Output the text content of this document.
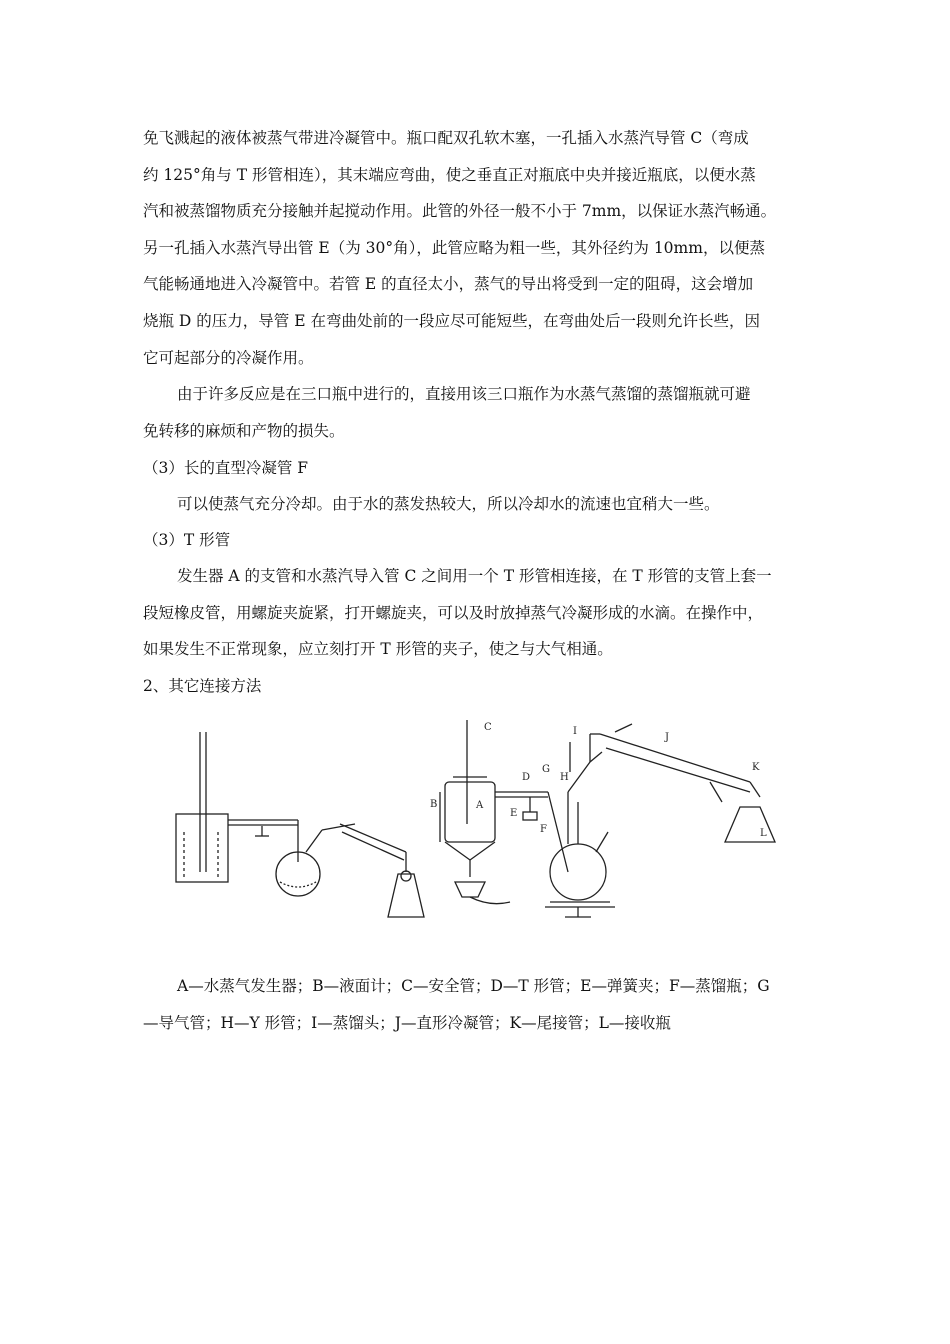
免飞溅起的液体被蒸气带进冷凝管中。瓶口配双孔软木塞，一孔插入水蒸汽导管 C（弯成
约 125°角与 T 形管相连），其末端应弯曲，使之垂直正对瓶底中央并接近瓶底，以便水蒸
汽和被蒸馏物质充分接触并起搅动作用。此管的外径一般不小于 7mm，以保证水蒸汽畅通。
另一孔插入水蒸汽导出管 E（为 30°角），此管应略为粗一些，其外径约为 10mm，以便蒸
气能畅通地进入冷凝管中。若管 E 的直径太小，蒸气的导出将受到一定的阻碍，这会增加
烧瓶 D 的压力，导管 E 在弯曲处前的一段应尽可能短些，在弯曲处后一段则允许长些，因
它可起部分的冷凝作用。
由于许多反应是在三口瓶中进行的，直接用该三口瓶作为水蒸气蒸馏的蒸馏瓶就可避
免转移的麻烦和产物的损失。
（3）长的直型冷凝管 F
可以使蒸气充分冷却。由于水的蒸发热较大，所以冷却水的流速也宜稍大一些。
（3）T 形管
发生器 A 的支管和水蒸汽导入管 C 之间用一个 T 形管相连接，在 T 形管的支管上套一
段短橡皮管，用螺旋夹旋紧，打开螺旋夹，可以及时放掉蒸气冷凝形成的水滴。在操作中，
如果发生不正常现象，应立刻打开 T 形管的夹子，使之与大气相通。
2、其它连接方法
C
A
B
D
E
F
G
H
I
J
K
L
A—水蒸气发生器；B—液面计；C—安全管；D—T 形管；E—弹簧夹；F—蒸馏瓶；G
—导气管；H—Y 形管；I—蒸馏头；J—直形冷凝管；K—尾接管；L—接收瓶
